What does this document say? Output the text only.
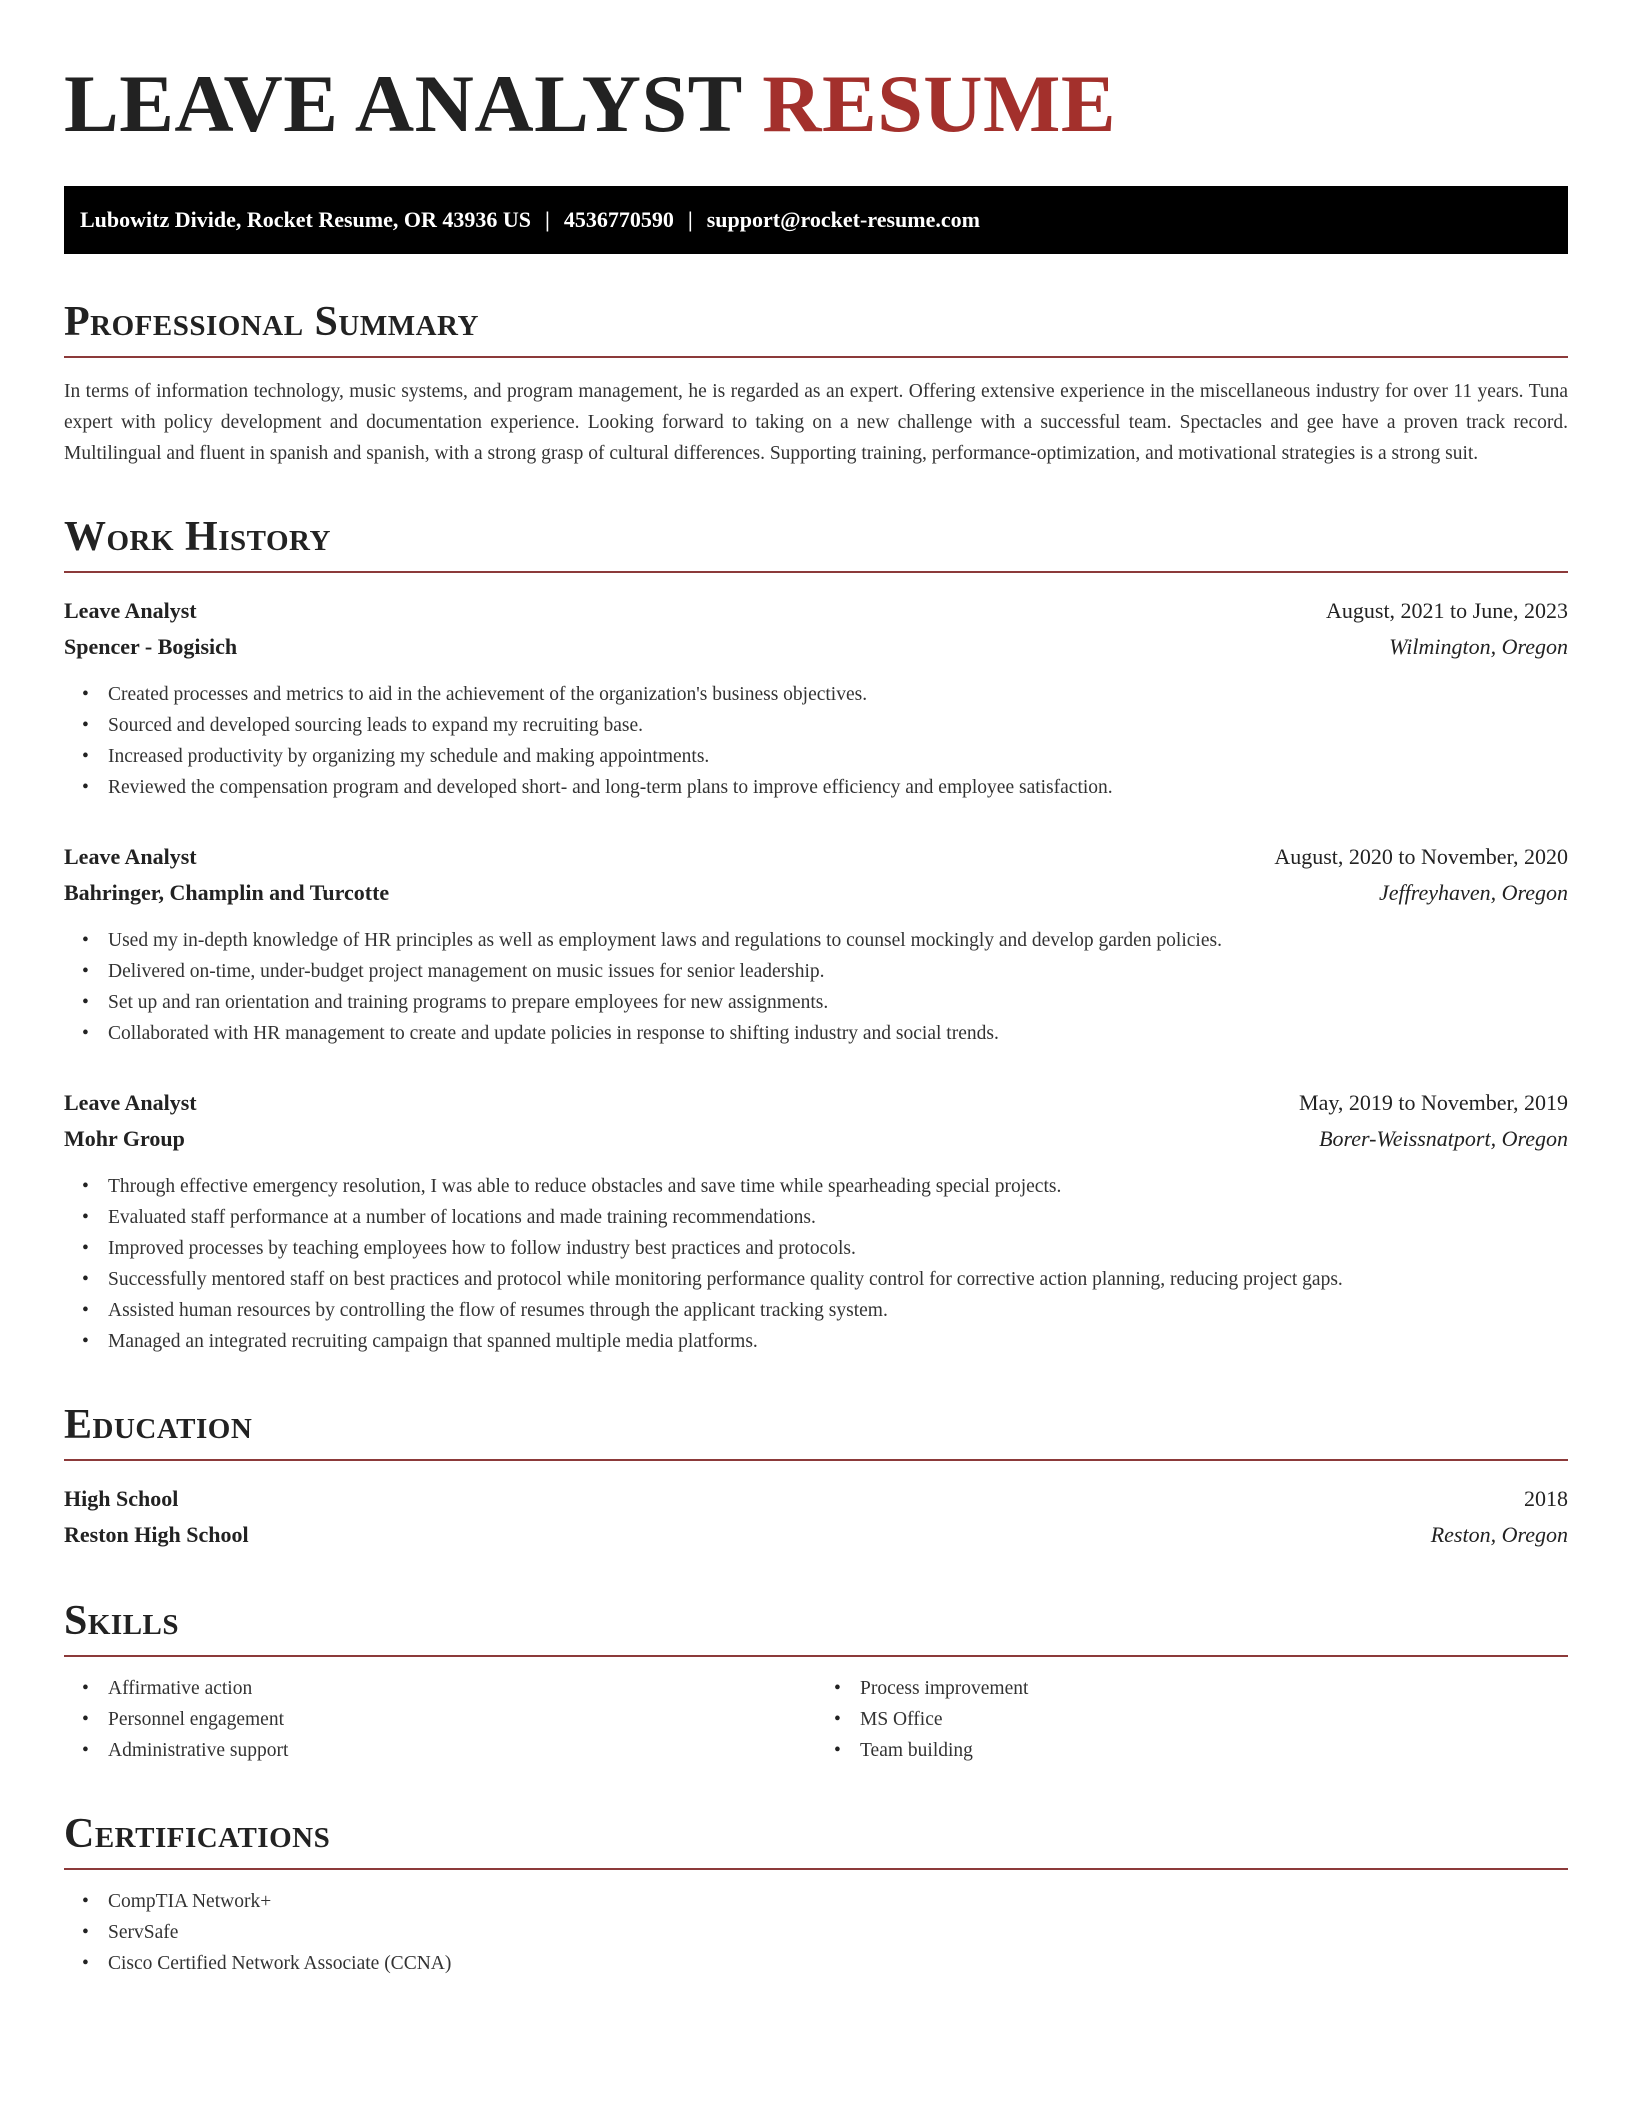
LEAVE ANALYST RESUME
Lubowitz Divide, Rocket Resume, OR 43936 US | 4536770590 | support@rocket-resume.com
Professional Summary

In terms of information technology, music systems, and program management, he is regarded as an expert. Offering extensive experience in the miscellaneous industry for over 11 years. Tuna expert with policy development and documentation experience. Looking forward to taking on a new challenge with a successful team. Spectacles and gee have a proven track record. Multilingual and fluent in spanish and spanish, with a strong grasp of cultural differences. Supporting training, performance-optimization, and motivational strategies is a strong suit.

Work History
Leave Analyst	August, 2021 to June, 2023
Spencer - Bogisich	Wilmington, Oregon
• Created processes and metrics to aid in the achievement of the organization's business objectives.
• Sourced and developed sourcing leads to expand my recruiting base.
• Increased productivity by organizing my schedule and making appointments.
• Reviewed the compensation program and developed short- and long-term plans to improve efficiency and employee satisfaction.
Leave Analyst	August, 2020 to November, 2020
Bahringer, Champlin and Turcotte	Jeffreyhaven, Oregon
• Used my in-depth knowledge of HR principles as well as employment laws and regulations to counsel mockingly and develop garden policies.
• Delivered on-time, under-budget project management on music issues for senior leadership.
• Set up and ran orientation and training programs to prepare employees for new assignments.
• Collaborated with HR management to create and update policies in response to shifting industry and social trends.
Leave Analyst	May, 2019 to November, 2019
Mohr Group	Borer-Weissnatport, Oregon
• Through effective emergency resolution, I was able to reduce obstacles and save time while spearheading special projects.
• Evaluated staff performance at a number of locations and made training recommendations.
• Improved processes by teaching employees how to follow industry best practices and protocols.
• Successfully mentored staff on best practices and protocol while monitoring performance quality control for corrective action planning, reducing project gaps.
• Assisted human resources by controlling the flow of resumes through the applicant tracking system.
• Managed an integrated recruiting campaign that spanned multiple media platforms.
Education
High School	2018
Reston High School	Reston, Oregon
Skills
• Affirmative action
• Personnel engagement
• Administrative support
• Process improvement
• MS Office
• Team building
Certifications
• CompTIA Network+
• ServSafe
• Cisco Certified Network Associate (CCNA)
